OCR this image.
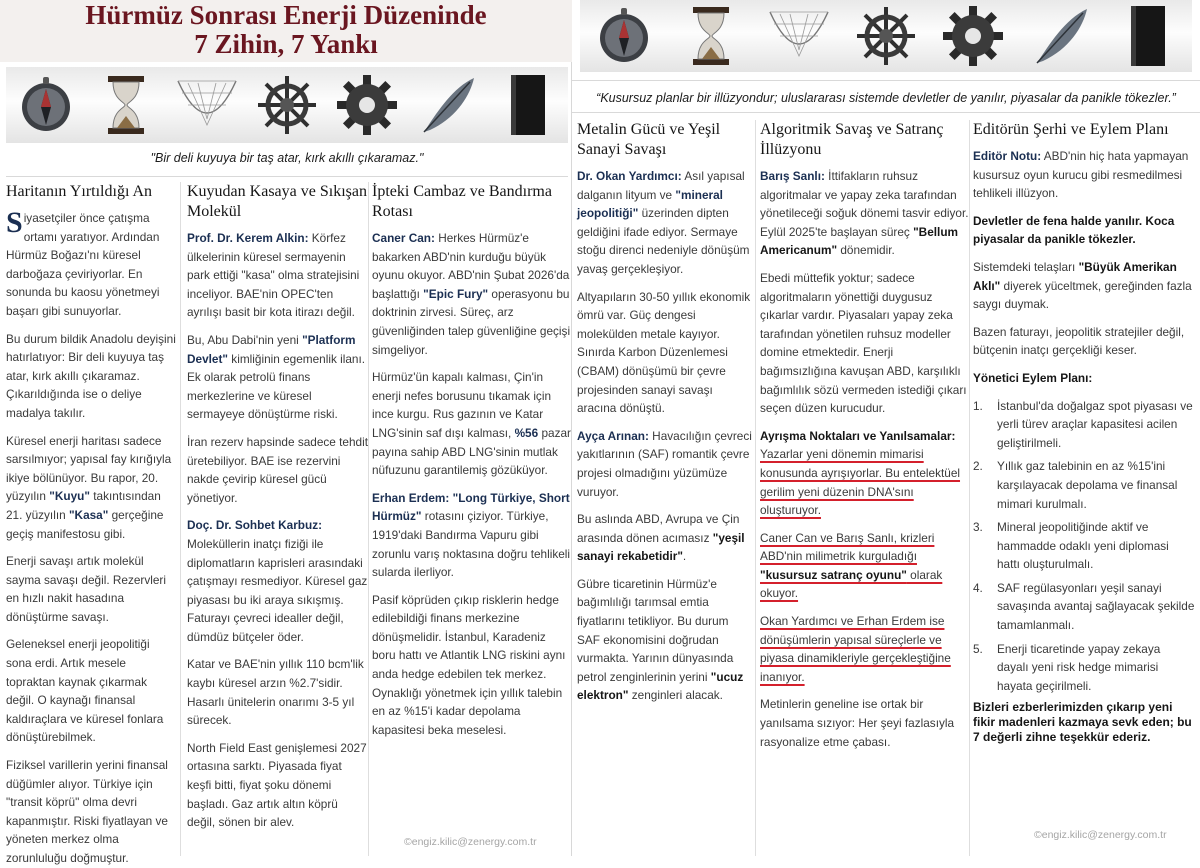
Hürmüz Sonrası Enerji Düzeninde
7 Zihin, 7 Yankı
"Bir deli kuyuya bir taş atar, kırk akıllı çıkaramaz."
Haritanın Yırtıldığı An

Siyasetçiler önce çatışma ortamı yaratıyor. Ardından Hürmüz Boğazı'nı küresel darboğaza çeviriyorlar. En sonunda bu kaosu yönetmeyi başarı gibi sunuyorlar.

Bu durum bildik Anadolu deyişini hatırlatıyor: Bir deli kuyuya taş atar, kırk akıllı çıkaramaz. Çıkarıldığında ise o deliye madalya takılır.

Küresel enerji haritası sadece sarsılmıyor; yapısal fay kırığıyla ikiye bölünüyor. Bu rapor, 20. yüzyılın "Kuyu" takıntısından 21. yüzyılın "Kasa" gerçeğine geçiş manifestosu gibi.

Enerji savaşı artık molekül sayma savaşı değil. Rezervleri en hızlı nakit hasadına dönüştürme savaşı.

Geleneksel enerji jeopolitiği sona erdi. Artık mesele topraktan kaynak çıkarmak değil. O kaynağı finansal kaldıraçlara ve küresel fonlara dönüştürebilmek.

Fiziksel varillerin yerini finansal düğümler alıyor. Türkiye için "transit köprü" olma devri kapanmıştır. Riski fiyatlayan ve yöneten merkez olma zorunluluğu doğmuştur.

Kuyudan Kasaya ve Sıkışan Molekül

Prof. Dr. Kerem Alkin: Körfez ülkelerinin küresel sermayenin park ettiği "kasa" olma stratejisini inceliyor. BAE'nin OPEC'ten ayrılışı basit bir kota itirazı değil.

Bu, Abu Dabi'nin yeni "Platform Devlet" kimliğinin egemenlik ilanı. Ek olarak petrolü finans merkezlerine ve küresel sermayeye dönüştürme riski.

İran rezerv hapsinde sadece tehdit üretebiliyor. BAE ise rezervini nakde çevirip küresel gücü yönetiyor.

Doç. Dr. Sohbet Karbuz: Moleküllerin inatçı fiziği ile diplomatların kaprisleri arasındaki çatışmayı resmediyor. Küresel gaz piyasası bu iki araya sıkışmış. Faturayı çevreci idealler değil, dümdüz bütçeler öder.

Katar ve BAE'nin yıllık 110 bcm'lik kaybı küresel arzın %2.7'sidir. Hasarlı ünitelerin onarımı 3-5 yıl sürecek.

North Field East genişlemesi 2027 ortasına sarktı. Piyasada fiyat keşfi bitti, fiyat şoku dönemi başladı. Gaz artık altın köprü değil, sönen bir alev.

İpteki Cambaz ve Bandırma Rotası

Caner Can: Herkes Hürmüz'e bakarken ABD'nin kurduğu büyük oyunu okuyor. ABD'nin Şubat 2026'da başlattığı "Epic Fury" operasyonu bu doktrinin zirvesi. Süreç, arz güvenliğinden talep güvenliğine geçişi simgeliyor.

Hürmüz'ün kapalı kalması, Çin'in enerji nefes borusunu tıkamak için ince kurgu. Rus gazının ve Katar LNG'sinin saf dışı kalması, %56 pazar payına sahip ABD LNG'sinin mutlak nüfuzunu garantilemiş gözüküyor.

Erhan Erdem: "Long Türkiye, Short Hürmüz" rotasını çiziyor. Türkiye, 1919'daki Bandırma Vapuru gibi zorunlu varış noktasına doğru tehlikeli sularda ilerliyor.

Pasif köprüden çıkıp risklerin hedge edilebildiği finans merkezine dönüşmelidir. İstanbul, Karadeniz boru hattı ve Atlantik LNG riskini aynı anda hedge edebilen tek merkez. Oynaklığı yönetmek için yıllık talebin en az %15'i kadar depolama kapasitesi beka meselesi.

©engiz.kilic@zenergy.com.tr
“Kusursuz planlar bir illüzyondur; uluslararası sistemde devletler de yanılır, piyasalar da panikle tökezler.”
Metalin Gücü ve Yeşil Sanayi Savaşı

Dr. Okan Yardımcı: Asıl yapısal dalganın lityum ve "mineral jeopolitiği" üzerinden dipten geldiğini ifade ediyor. Sermaye stoğu direnci nedeniyle dönüşüm yavaş gerçekleşiyor.

Altyapıların 30-50 yıllık ekonomik ömrü var. Güç dengesi molekülden metale kayıyor. Sınırda Karbon Düzenlemesi (CBAM) dönüşümü bir çevre projesinden sanayi savaşı aracına dönüştü.

Ayça Arınan: Havacılığın çevreci yakıtlarının (SAF) romantik çevre projesi olmadığını yüzümüze vuruyor.

Bu aslında ABD, Avrupa ve Çin arasında dönen acımasız "yeşil sanayi rekabetidir".

Gübre ticaretinin Hürmüz'e bağımlılığı tarımsal emtia fiyatlarını tetikliyor. Bu durum SAF ekonomisini doğrudan vurmakta. Yarının dünyasında petrol zenginlerinin yerini "ucuz elektron" zenginleri alacak.

Algoritmik Savaş ve Satranç İllüzyonu

Barış Sanlı: İttifakların ruhsuz algoritmalar ve yapay zeka tarafından yönetileceği soğuk dönemi tasvir ediyor. Eylül 2025'te başlayan süreç "Bellum Americanum" dönemidir.

Ebedi müttefik yoktur; sadece algoritmaların yönettiği duygusuz çıkarlar vardır. Piyasaları yapay zeka tarafından yönetilen ruhsuz modeller domine etmektedir. Enerji bağımsızlığına kavuşan ABD, karşılıklı bağımlılık sözü vermeden istediği çıkarı seçen düzen kurucudur.

Ayrışma Noktaları ve Yanılsamalar: Yazarlar yeni dönemin mimarisi konusunda ayrışıyorlar. Bu entelektüel gerilim yeni düzenin DNA'sını oluşturuyor.

Caner Can ve Barış Sanlı, krizleri ABD'nin milimetrik kurguladığı "kusursuz satranç oyunu" olarak okuyor.

Okan Yardımcı ve Erhan Erdem ise dönüşümlerin yapısal süreçlerle ve piyasa dinamikleriyle gerçekleştiğine inanıyor.

Metinlerin geneline ise ortak bir yanılsama sızıyor: Her şeyi fazlasıyla rasyonalize etme çabası.

Editörün Şerhi ve Eylem Planı

Editör Notu: ABD'nin hiç hata yapmayan kusursuz oyun kurucu gibi resmedilmesi tehlikeli illüzyon.

Devletler de fena halde yanılır. Koca piyasalar da panikle tökezler.

Sistemdeki telaşları "Büyük Amerikan Aklı" diyerek yüceltmek, gereğinden fazla saygı duymak.

Bazen faturayı, jeopolitik stratejiler değil, bütçenin inatçı gerçekliği keser.

Yönetici Eylem Planı:

1.	İstanbul'da doğalgaz spot piyasası ve yerli türev araçlar kapasitesi acilen geliştirilmeli.
2.	Yıllık gaz talebinin en az %15'ini karşılayacak depolama ve finansal mimari kurulmalı.
3.	Mineral jeopolitiğinde aktif ve hammadde odaklı yeni diplomasi hattı oluşturulmalı.
4.	SAF regülasyonları yeşil sanayi savaşında avantaj sağlayacak şekilde tamamlanmalı.
5.	Enerji ticaretinde yapay zekaya dayalı yeni risk hedge mimarisi hayata geçirilmeli.

Bizleri ezberlerimizden çıkarıp yeni fikir madenleri kazmaya sevk eden; bu 7 değerli zihne teşekkür ederiz.

©engiz.kilic@zenergy.com.tr
